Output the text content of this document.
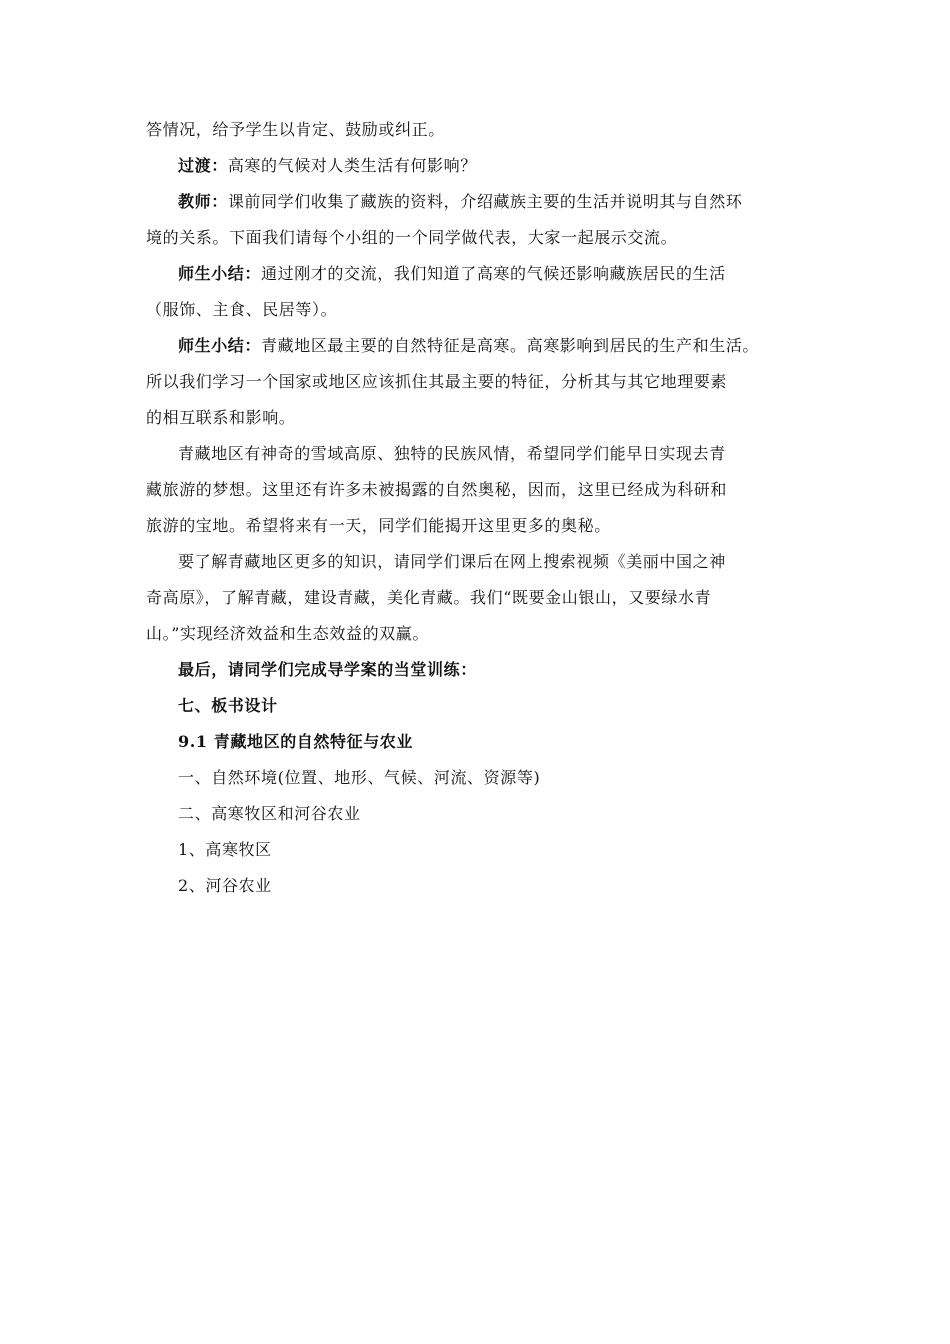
答情况，给予学生以肯定、鼓励或纠正。
过渡：高寒的气候对人类生活有何影响？
教师：课前同学们收集了藏族的资料，介绍藏族主要的生活并说明其与自然环
境的关系。下面我们请每个小组的一个同学做代表，大家一起展示交流。
师生小结：通过刚才的交流，我们知道了高寒的气候还影响藏族居民的生活
（服饰、主食、民居等）。
师生小结：青藏地区最主要的自然特征是高寒。高寒影响到居民的生产和生活。
所以我们学习一个国家或地区应该抓住其最主要的特征，分析其与其它地理要素
的相互联系和影响。
青藏地区有神奇的雪域高原、独特的民族风情，希望同学们能早日实现去青
藏旅游的梦想。这里还有许多未被揭露的自然奥秘，因而，这里已经成为科研和
旅游的宝地。希望将来有一天，同学们能揭开这里更多的奥秘。
要了解青藏地区更多的知识，请同学们课后在网上搜索视频《美丽中国之神
奇高原》，了解青藏，建设青藏，美化青藏。我们“既要金山银山，又要绿水青
山。”实现经济效益和生态效益的双赢。
最后，请同学们完成导学案的当堂训练：
七、板书设计
9.1 青藏地区的自然特征与农业
一、自然环境(位置、地形、气候、河流、资源等)
二、高寒牧区和河谷农业
1、高寒牧区
2、河谷农业
